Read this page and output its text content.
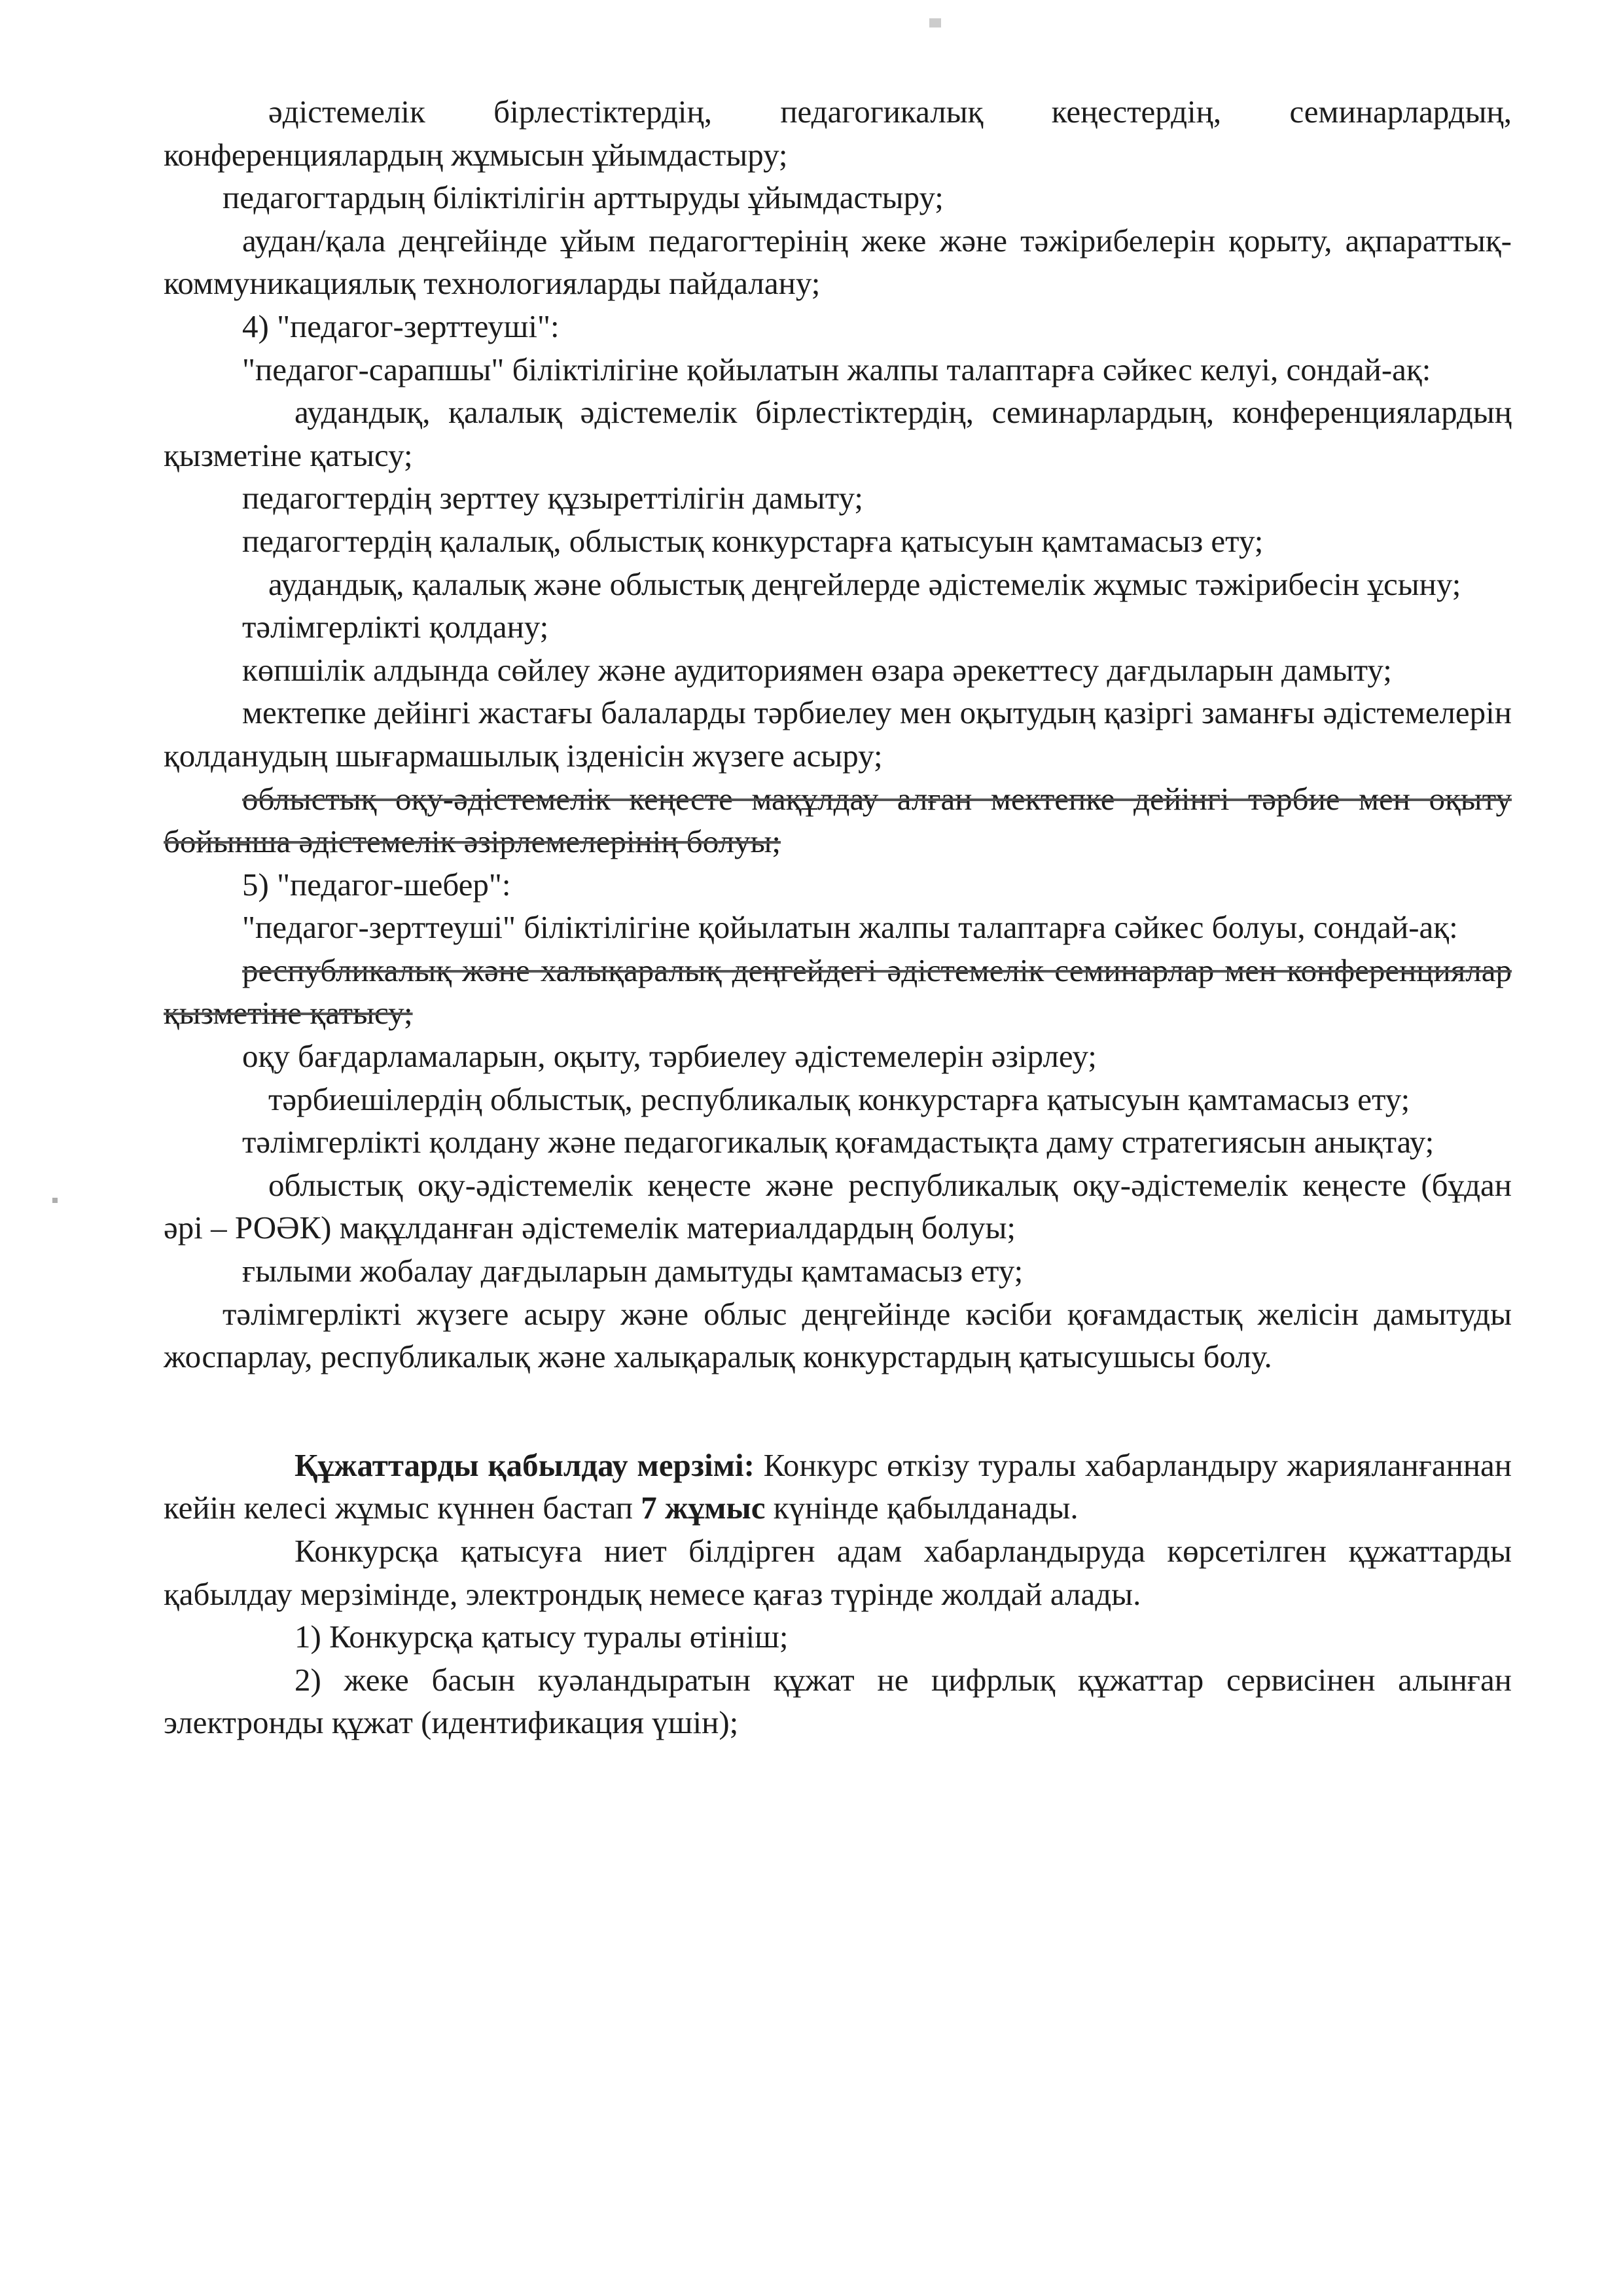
әдістемелік бірлестіктердің, педагогикалық кеңестердің, семинарлардың, конференциялардың жұмысын ұйымдастыру;

педагогтардың біліктілігін арттыруды ұйымдастыру;

аудан/қала деңгейінде ұйым педагогтерінің жеке және тәжірибелерін қорыту, ақпараттық-коммуникациялық технологияларды пайдалану;

4) "педагог-зерттеуші":

"педагог-сарапшы" біліктілігіне қойылатын жалпы талаптарға сәйкес келуі, сондай-ақ:

аудандық, қалалық әдістемелік бірлестіктердің, семинарлардың, конференциялардың қызметіне қатысу;

педагогтердің зерттеу құзыреттілігін дамыту;

педагогтердің қалалық, облыстық конкурстарға қатысуын қамтамасыз ету;

аудандық, қалалық және облыстық деңгейлерде әдістемелік жұмыс тәжірибесін ұсыну;

тәлімгерлікті қолдану;

көпшілік алдында сөйлеу және аудиториямен өзара әрекеттесу дағдыларын дамыту;

мектепке дейінгі жастағы балаларды тәрбиелеу мен оқытудың қазіргі заманғы әдістемелерін қолданудың шығармашылық ізденісін жүзеге асыру;

облыстық оқу-әдістемелік кеңесте мақұлдау алған мектепке дейінгі тәрбие мен оқыту бойынша әдістемелік әзірлемелерінің болуы;

5) "педагог-шебер":

"педагог-зерттеуші" біліктілігіне қойылатын жалпы талаптарға сәйкес болуы, сондай-ақ:

республикалық және халықаралық деңгейдегі әдістемелік семинарлар мен конференциялар қызметіне қатысу;

оқу бағдарламаларын, оқыту, тәрбиелеу әдістемелерін әзірлеу;

тәрбиешілердің облыстық, республикалық конкурстарға қатысуын қамтамасыз ету;

тәлімгерлікті қолдану және педагогикалық қоғамдастықта даму стратегиясын анықтау;

облыстық оқу-әдістемелік кеңесте және республикалық оқу-әдістемелік кеңесте (бұдан әрі – РОӘК) мақұлданған әдістемелік материалдардың болуы;

ғылыми жобалау дағдыларын дамытуды қамтамасыз ету;

тәлімгерлікті жүзеге асыру және облыс деңгейінде кәсіби қоғамдастық желісін дамытуды жоспарлау, республикалық және халықаралық конкурстардың қатысушысы болу.

Құжаттарды қабылдау мерзімі: Конкурс өткізу туралы хабарландыру жарияланғаннан кейін келесі жұмыс күннен бастап 7 жұмыс күнінде қабылданады.

Конкурсқа қатысуға ниет білдірген адам хабарландыруда көрсетілген құжаттарды қабылдау мерзімінде, электрондық немесе қағаз түрінде жолдай алады.

1) Конкурсқа қатысу туралы өтініш;

2) жеке басын куәландыратын құжат не цифрлық құжаттар сервисінен алынған электронды құжат (идентификация үшін);
